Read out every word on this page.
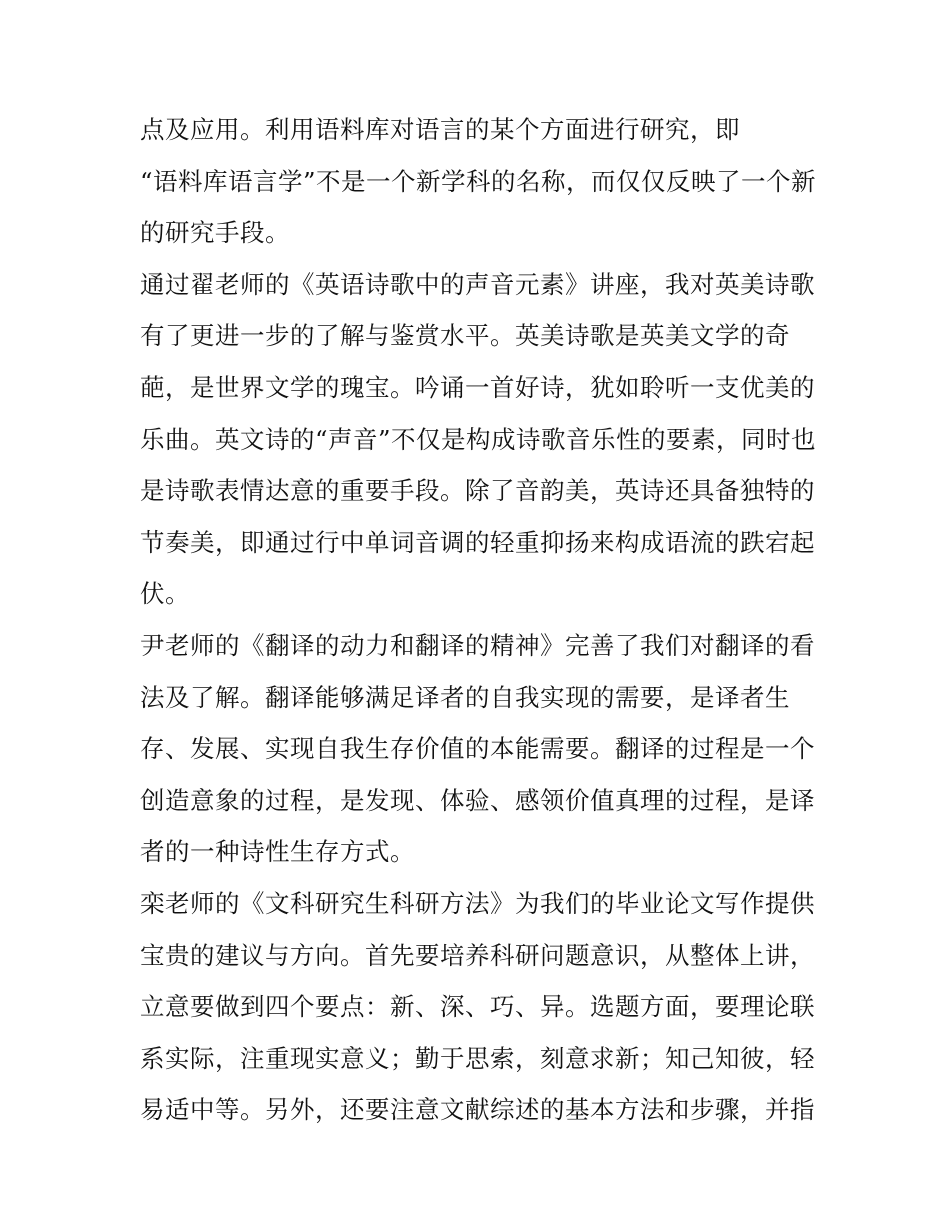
点及应用。利用语料库对语言的某个方面进行研究，即
“语料库语言学”不是一个新学科的名称，而仅仅反映了一个新
的研究手段。
通过翟老师的《英语诗歌中的声音元素》讲座，我对英美诗歌
有了更进一步的了解与鉴赏水平。英美诗歌是英美文学的奇
葩，是世界文学的瑰宝。吟诵一首好诗，犹如聆听一支优美的
乐曲。英文诗的“声音”不仅是构成诗歌音乐性的要素，同时也
是诗歌表情达意的重要手段。除了音韵美，英诗还具备独特的
节奏美，即通过行中单词音调的轻重抑扬来构成语流的跌宕起
伏。
尹老师的《翻译的动力和翻译的精神》完善了我们对翻译的看
法及了解。翻译能够满足译者的自我实现的需要，是译者生
存、发展、实现自我生存价值的本能需要。翻译的过程是一个
创造意象的过程，是发现、体验、感领价值真理的过程，是译
者的一种诗性生存方式。
栾老师的《文科研究生科研方法》为我们的毕业论文写作提供
宝贵的建议与方向。首先要培养科研问题意识，从整体上讲，
立意要做到四个要点：新、深、巧、异。选题方面，要理论联
系实际，注重现实意义；勤于思索，刻意求新；知己知彼，轻
易适中等。另外，还要注意文献综述的基本方法和步骤，并指
